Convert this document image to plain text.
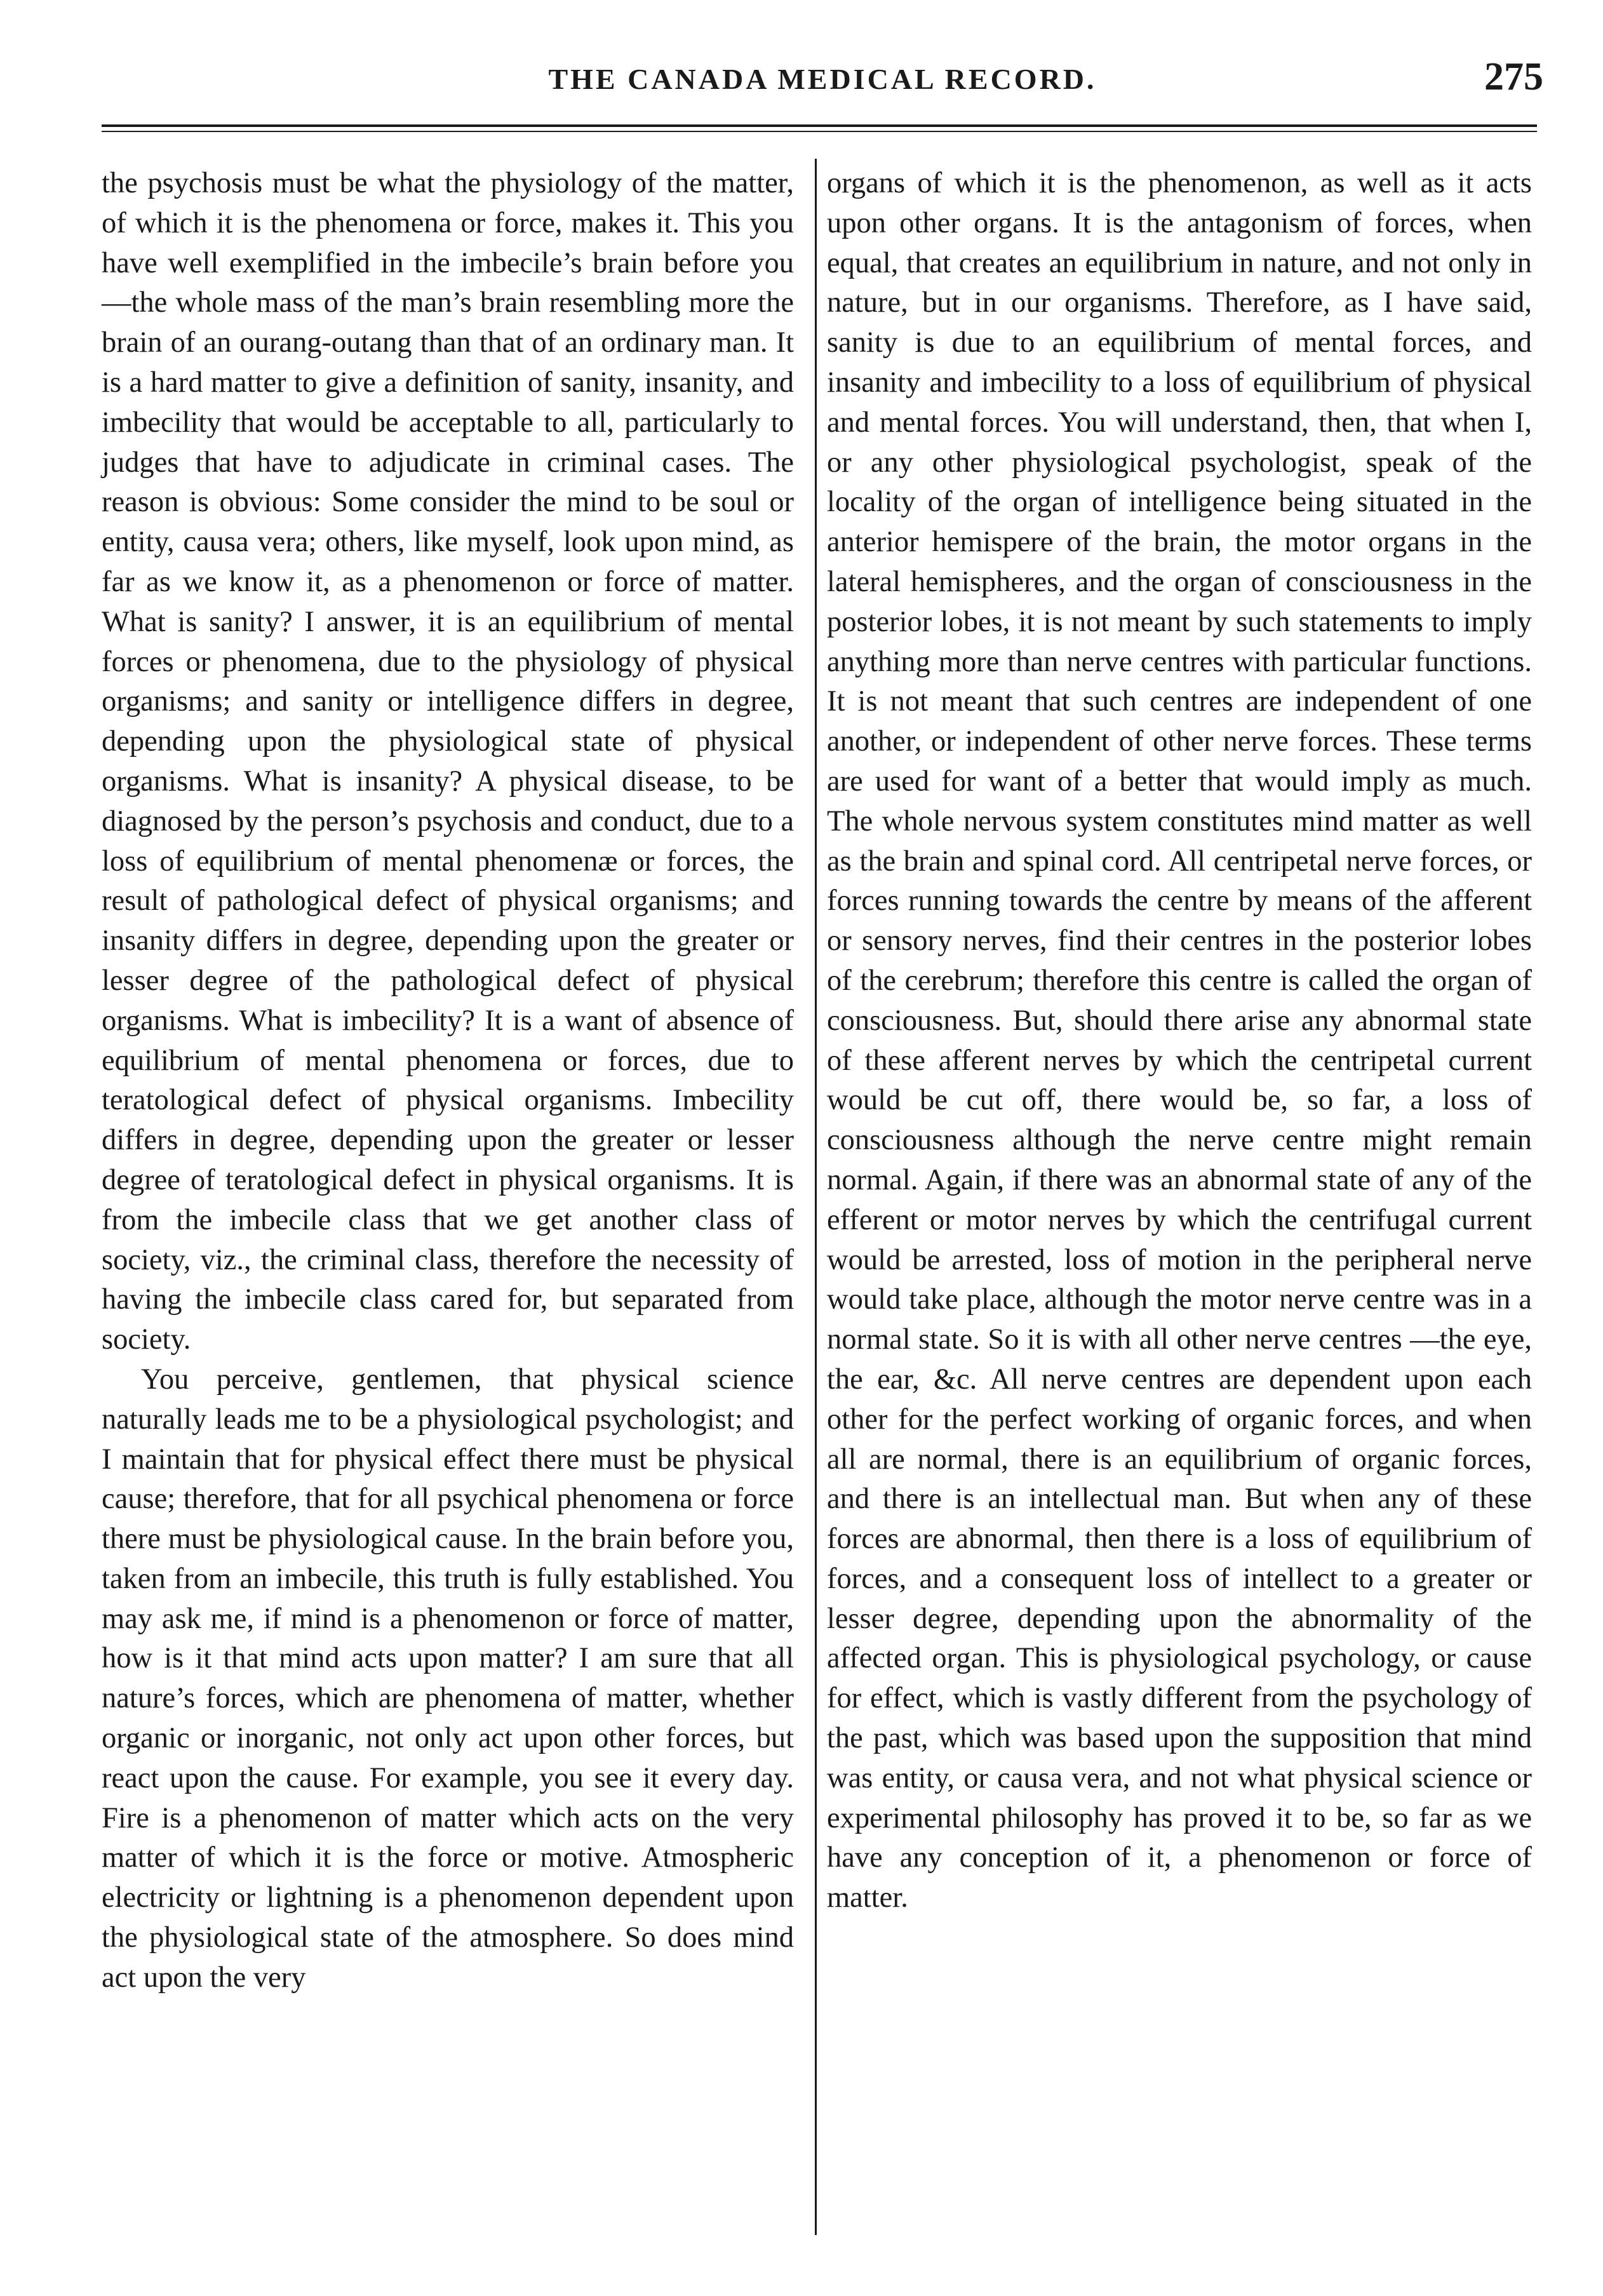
THE CANADA MEDICAL RECORD.	275

the psychosis must be what the physiology of the matter, of which it is the phenomena or force, makes it. This you have well exemplified in the imbecile’s brain before you—the whole mass of the man’s brain resembling more the brain of an ourang-outang than that of an ordinary man. It is a hard matter to give a definition of sanity, insanity, and imbecility that would be acceptable to all, particularly to judges that have to adjudicate in criminal cases. The reason is obvious: Some consider the mind to be soul or entity, causa vera; others, like myself, look upon mind, as far as we know it, as a phenomenon or force of matter. What is sanity? I answer, it is an equilibrium of mental forces or phenomena, due to the physiology of physical organisms; and sanity or intelligence differs in degree, depending upon the physiological state of physical organisms. What is insanity? A physical disease, to be diagnosed by the person’s psychosis and conduct, due to a loss of equilibrium of mental phenomenæ or forces, the result of pathological defect of physical organisms; and insanity differs in degree, depending upon the greater or lesser degree of the pathological defect of physical organisms. What is imbecility? It is a want of absence of equilibrium of mental phenomena or forces, due to teratological defect of physical organisms. Imbecility differs in degree, depending upon the greater or lesser degree of teratological defect in physical organisms. It is from the imbecile class that we get another class of society, viz., the criminal class, therefore the necessity of having the imbecile class cared for, but separated from society.

You perceive, gentlemen, that physical science naturally leads me to be a physiological psychologist; and I maintain that for physical effect there must be physical cause; therefore, that for all psychical phenomena or force there must be physiological cause. In the brain before you, taken from an imbecile, this truth is fully established. You may ask me, if mind is a phenomenon or force of matter, how is it that mind acts upon matter? I am sure that all nature’s forces, which are phenomena of matter, whether organic or inorganic, not only act upon other forces, but react upon the cause. For example, you see it every day. Fire is a phenomenon of matter which acts on the very matter of which it is the force or motive. Atmospheric electricity or lightning is a phenomenon dependent upon the physiological state of the atmosphere. So does mind act upon the very

organs of which it is the phenomenon, as well as it acts upon other organs. It is the antagonism of forces, when equal, that creates an equilibrium in nature, and not only in nature, but in our organisms. Therefore, as I have said, sanity is due to an equilibrium of mental forces, and insanity and imbecility to a loss of equilibrium of physical and mental forces. You will understand, then, that when I, or any other physiological psychologist, speak of the locality of the organ of intelligence being situated in the anterior hemispere of the brain, the motor organs in the lateral hemispheres, and the organ of consciousness in the posterior lobes, it is not meant by such statements to imply anything more than nerve centres with particular functions. It is not meant that such centres are independent of one another, or independent of other nerve forces. These terms are used for want of a better that would imply as much. The whole nervous system constitutes mind matter as well as the brain and spinal cord. All centripetal nerve forces, or forces running towards the centre by means of the afferent or sensory nerves, find their centres in the posterior lobes of the cerebrum; therefore this centre is called the organ of consciousness. But, should there arise any abnormal state of these afferent nerves by which the centripetal current would be cut off, there would be, so far, a loss of consciousness although the nerve centre might remain normal. Again, if there was an abnormal state of any of the efferent or motor nerves by which the centrifugal current would be arrested, loss of motion in the peripheral nerve would take place, although the motor nerve centre was in a normal state. So it is with all other nerve centres —the eye, the ear, &c. All nerve centres are dependent upon each other for the perfect working of organic forces, and when all are normal, there is an equilibrium of organic forces, and there is an intellectual man. But when any of these forces are abnormal, then there is a loss of equilibrium of forces, and a consequent loss of intellect to a greater or lesser degree, depending upon the abnormality of the affected organ. This is physiological psychology, or cause for effect, which is vastly different from the psychology of the past, which was based upon the supposition that mind was entity, or causa vera, and not what physical science or experimental philosophy has proved it to be, so far as we have any conception of it, a phenomenon or force of matter.
